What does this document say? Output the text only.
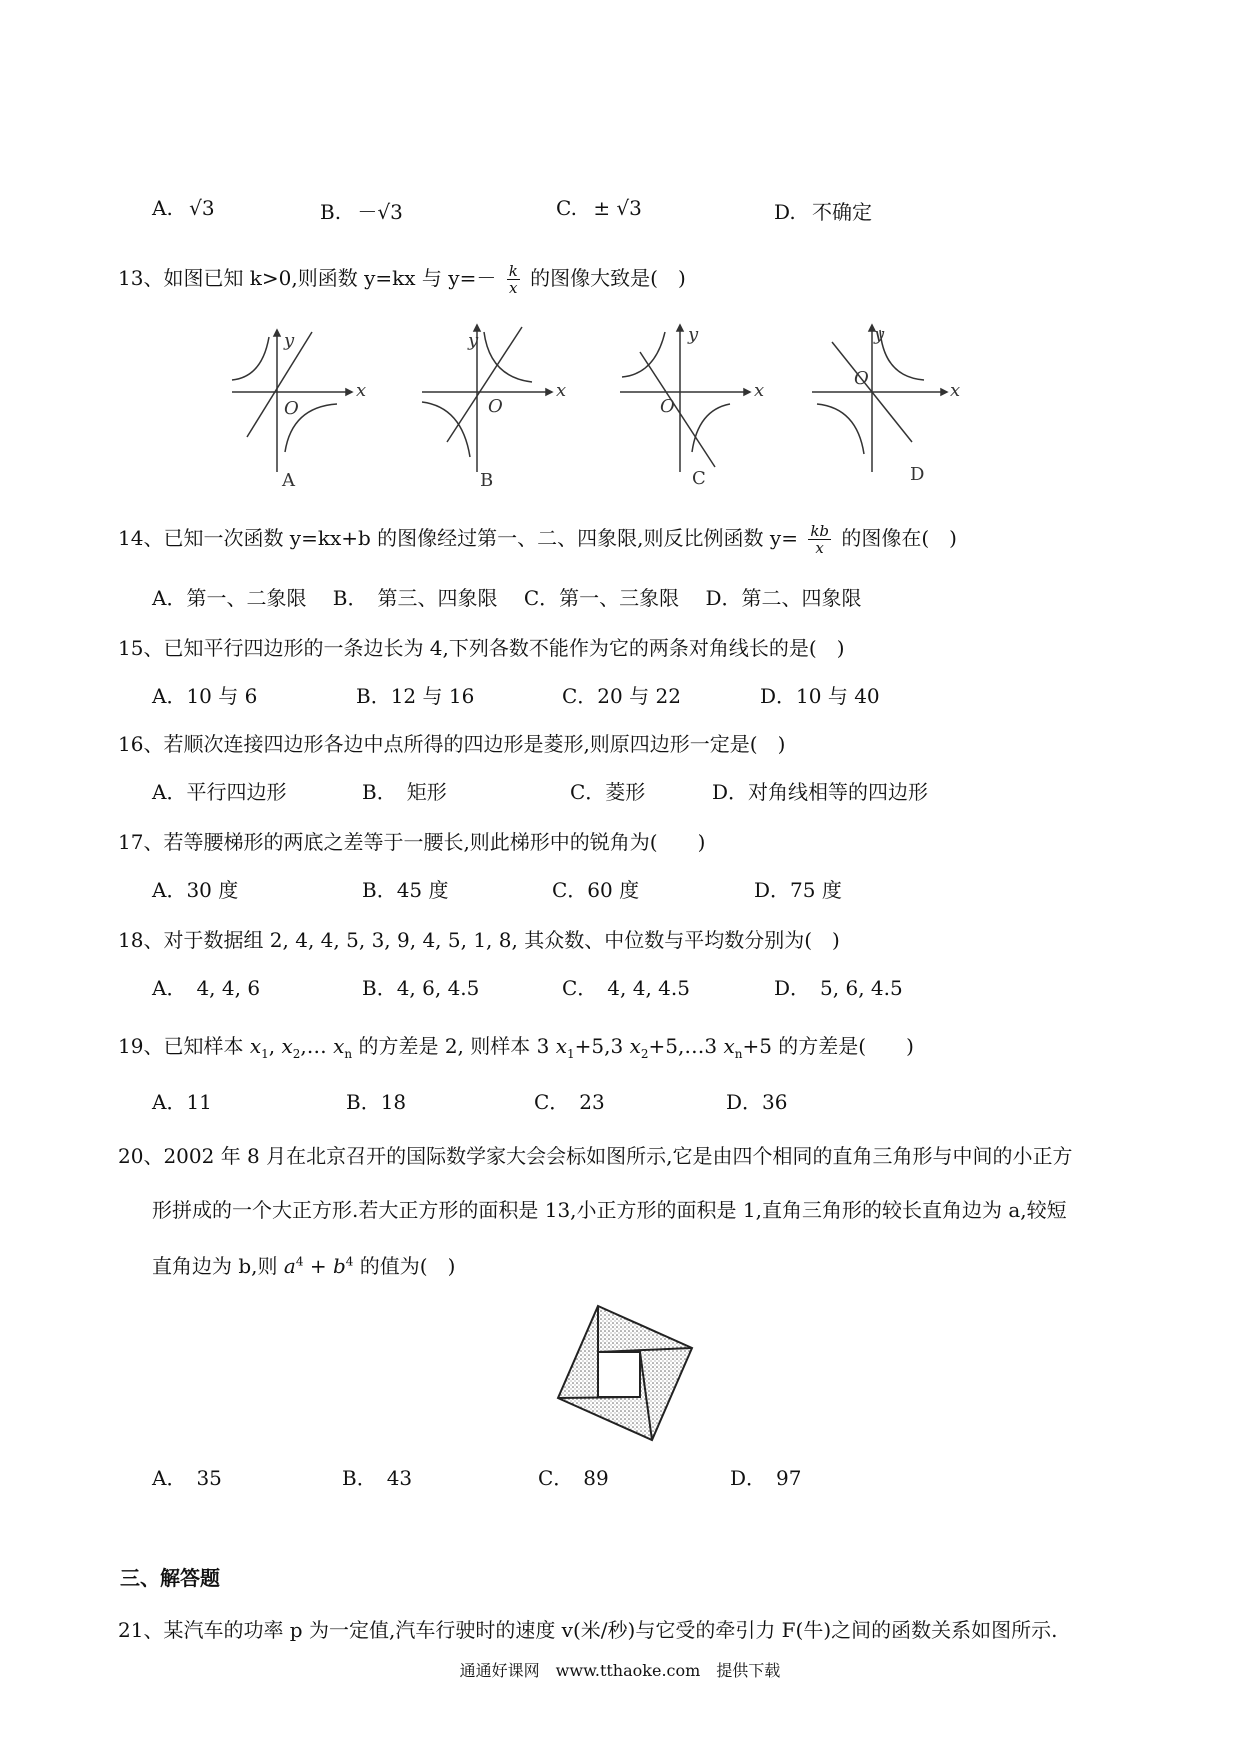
A. √3	B. －√3	C. ± √3	D. 不确定
13、如图已知 k>0,则函数 y=kx 与 $y=- \frac{k}{x}$ 的图像大致是(　)
y
x
O
y
x
O
y
x
O
y
x
O
A	B	C	D
14、已知一次函数 y=kx+b 的图像经过第一、二、四象限,则反比例函数 $y= \frac{kb}{x}$ 的图像在(　)
A．第一、二象限　 B．　第三、四象限　 C．第一、三象限　 D．第二、四象限
15、已知平行四边形的一条边长为 4,下列各数不能作为它的两条对角线长的是(　)
A．10 与 6	B．12 与 16	C．20 与 22	D．10 与 40
16、若顺次连接四边形各边中点所得的四边形是菱形,则原四边形一定是(　)
A．平行四边形	B．　矩形	C．菱形	D．对角线相等的四边形
17、若等腰梯形的两底之差等于一腰长,则此梯形中的锐角为(　　)
A．30 度	B．45 度	C．60 度	D．75 度
18、对于数据组 2, 4, 4, 5, 3, 9, 4, 5, 1, 8, 其众数、中位数与平均数分别为(　)
A．　4, 4, 6	B．4, 6, 4.5	C．　4, 4, 4.5	D．　5, 6, 4.5
19、已知样本 $x_1$, $x_2,\dots$ $x_n$ 的方差是 2, 则样本 3 $x_1+5,3$ $x_2+5,\dots 3$ $x_n+5$ 的方差是(　　)
A．11	B．18	C．　23	D．36
20、2002 年 8 月在北京召开的国际数学家大会会标如图所示,它是由四个相同的直角三角形与中间的小正方
形拼成的一个大正方形.若大正方形的面积是 13,小正方形的面积是 1,直角三角形的较长直角边为 a,较短
直角边为 b,则 $a^4 + b^4$ 的值为(　)
A．　35	B．　43	C．　89	D．　97
三、解答题
21、某汽车的功率 p 为一定值,汽车行驶时的速度 v(米/秒)与它受的牵引力 F(牛)之间的函数关系如图所示.
通通好课网　www.tthaoke.com　提供下载
